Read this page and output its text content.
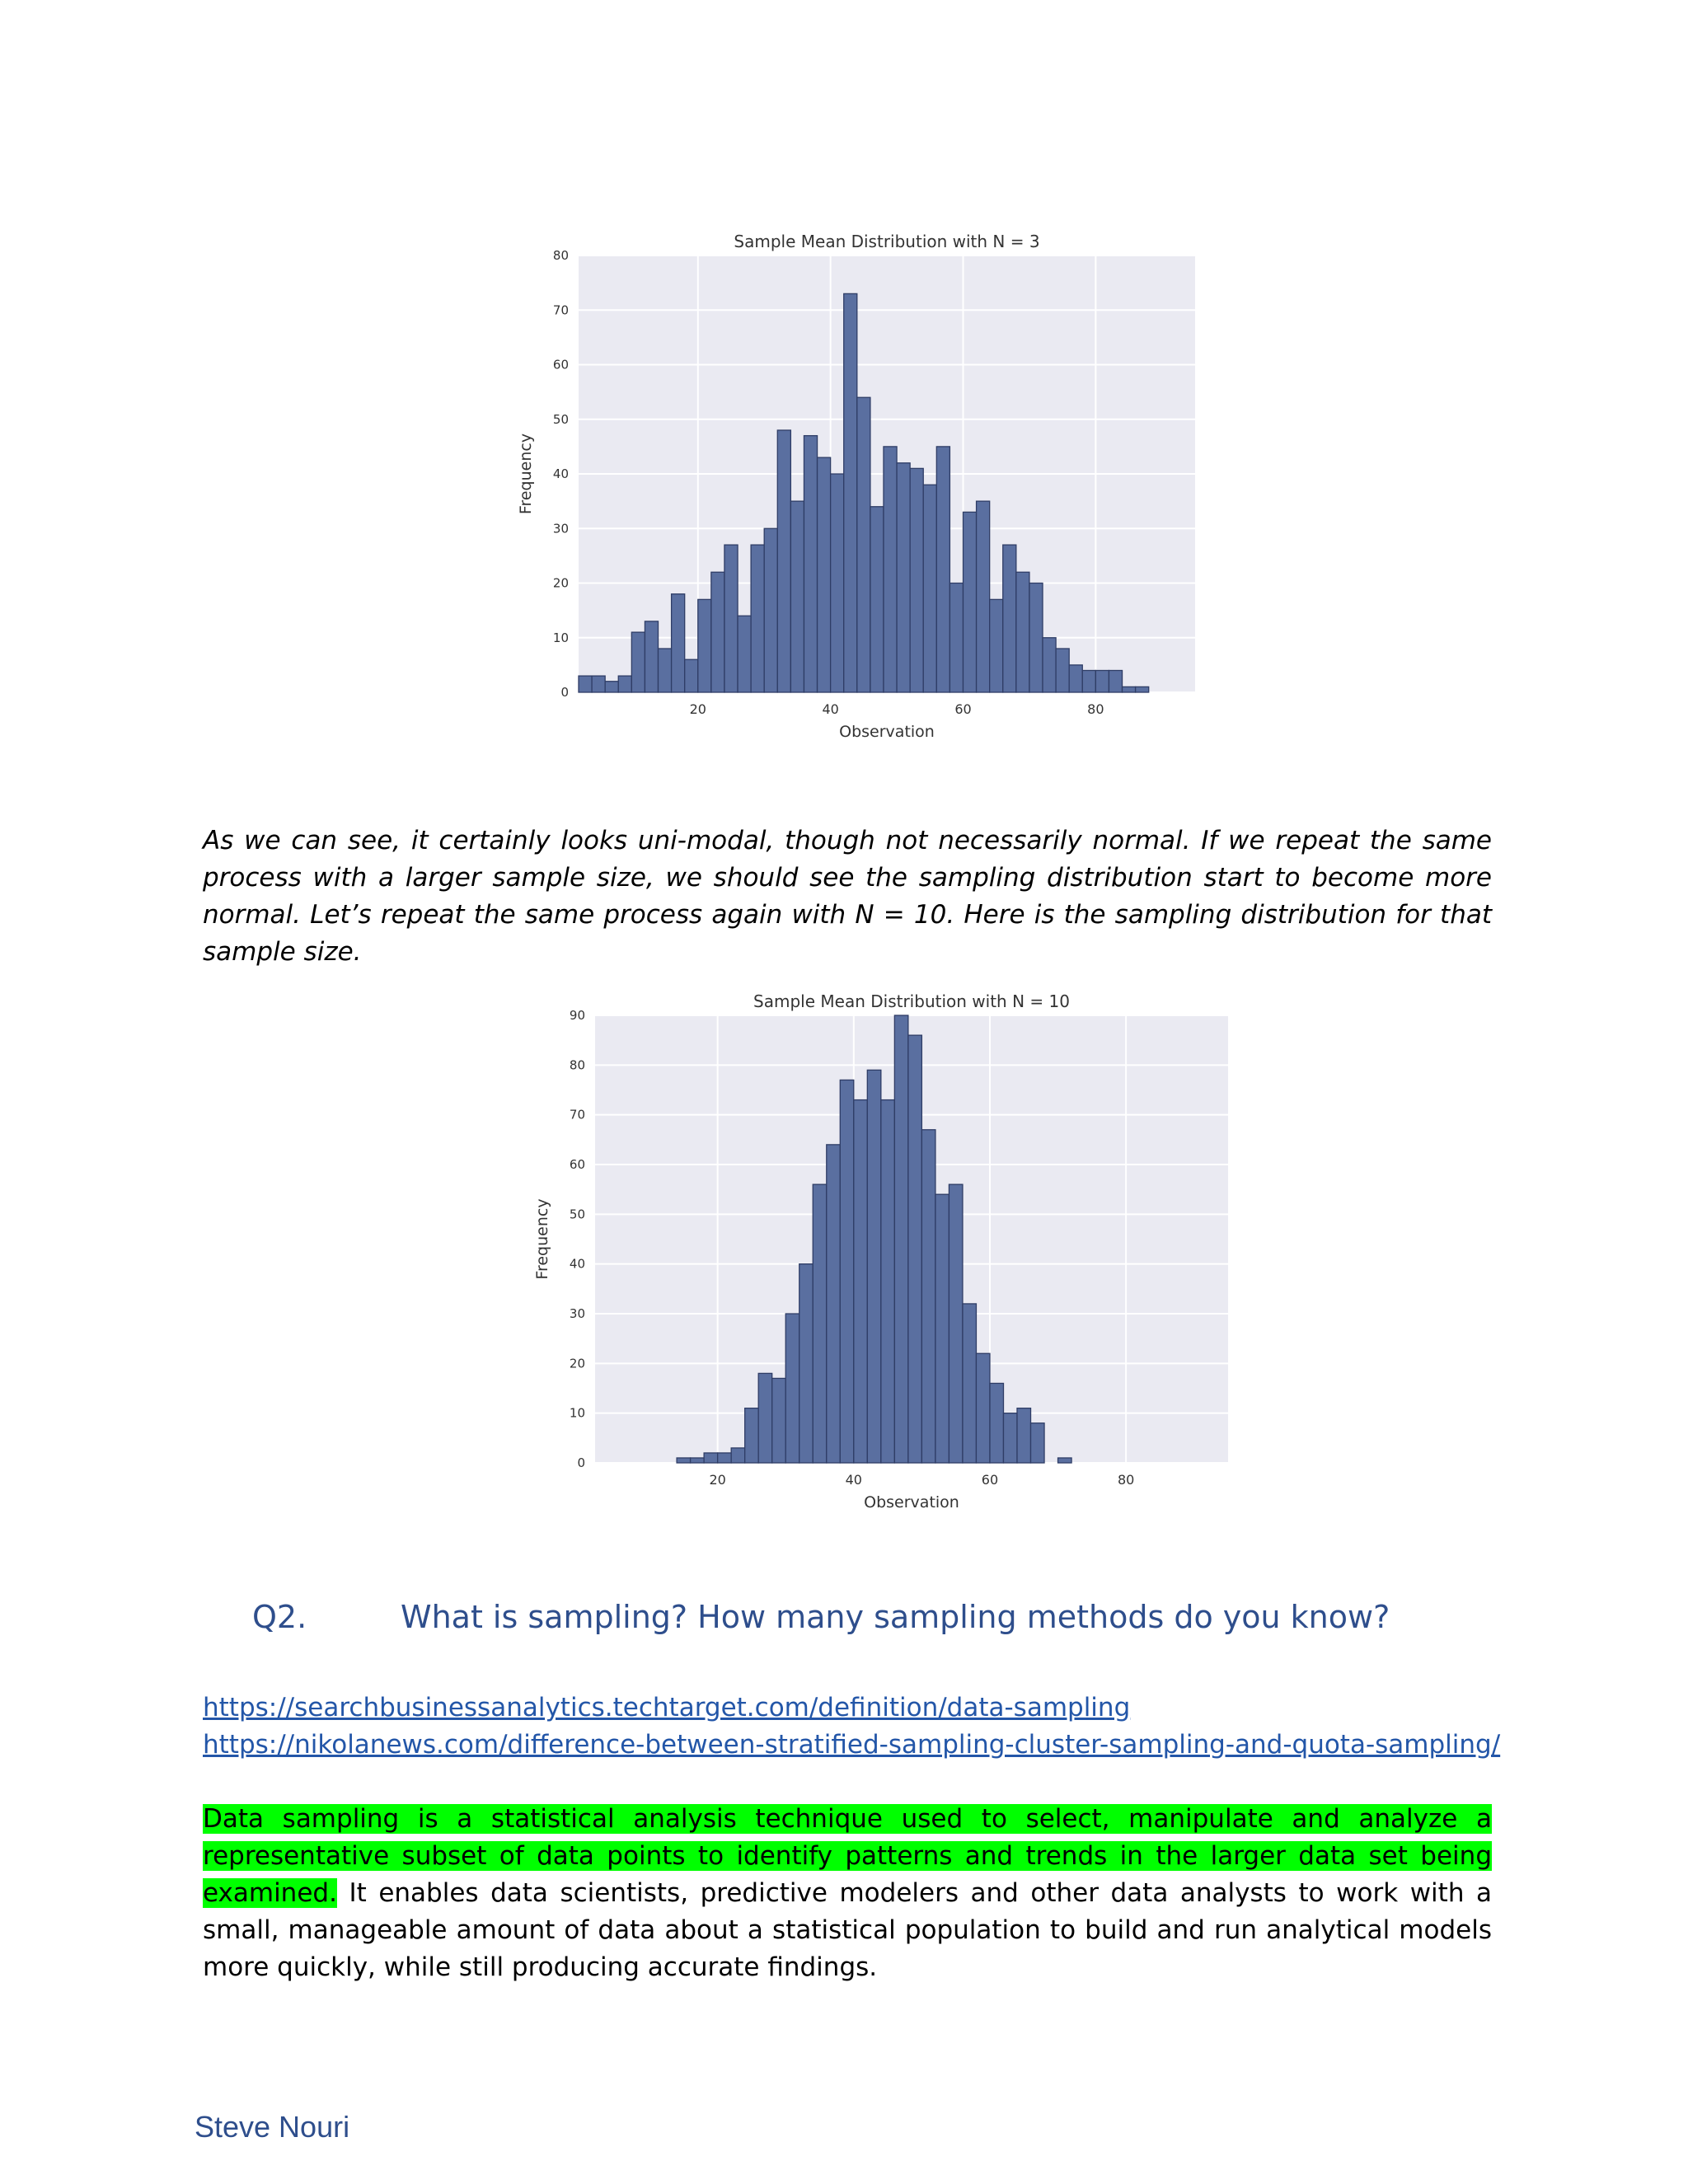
0
10
20
30
40
50
60
70
80
20	40	60	80
Sample Mean Distribution with N = 3
Observation
Frequency

As we can see, it certainly looks uni-modal, though not necessarily normal. If we repeat the same process with a larger sample size, we should see the sampling distribution start to become more normal. Let’s repeat the same process again with N = 10. Here is the sampling distribution for that sample size.

0
10
20
30
40
50
60
70
80
90
20	40	60	80
Sample Mean Distribution with N = 10
Observation
Frequency
Q2.	What is sampling? How many sampling methods do you know?
https://searchbusinessanalytics.techtarget.com/definition/data-sampling
https://nikolanews.com/difference-between-stratified-sampling-cluster-sampling-and-quota-sampling/

Data sampling is a statistical analysis technique used to select, manipulate and analyze a representative subset of data points to identify patterns and trends in the larger data set being examined. It enables data scientists, predictive modelers and other data analysts to work with a small, manageable amount of data about a statistical population to build and run analytical models more quickly, while still producing accurate findings.

Steve Nouri
